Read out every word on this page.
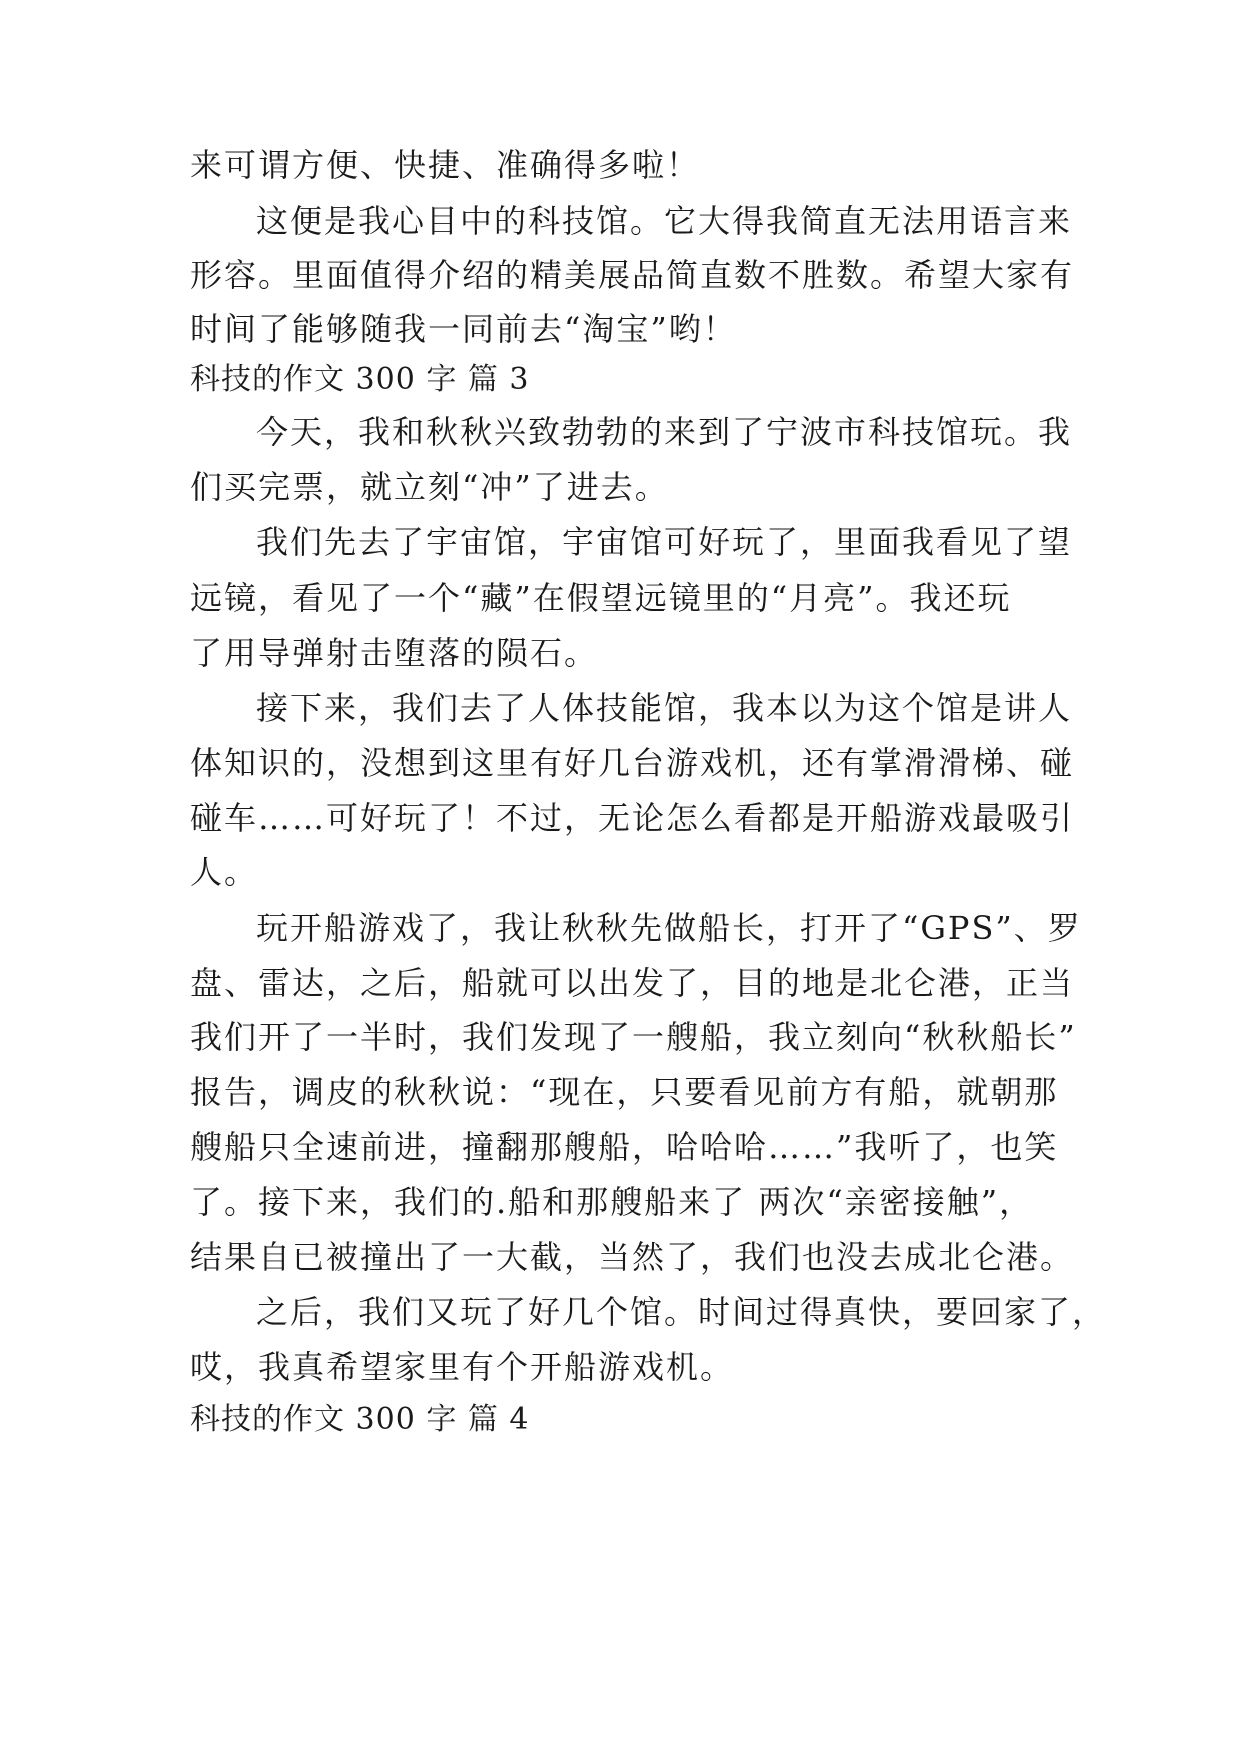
来可谓方便、快捷、准确得多啦！
这便是我心目中的科技馆。它大得我简直无法用语言来
形容。里面值得介绍的精美展品简直数不胜数。希望大家有
时间了能够随我一同前去“淘宝”哟！
科技的作文 300 字 篇 3
今天，我和秋秋兴致勃勃的来到了宁波市科技馆玩。我
们买完票，就立刻“冲”了进去。
我们先去了宇宙馆，宇宙馆可好玩了，里面我看见了望
远镜，看见了一个“藏”在假望远镜里的“月亮”。我还玩
了用导弹射击堕落的陨石。
接下来，我们去了人体技能馆，我本以为这个馆是讲人
体知识的，没想到这里有好几台游戏机，还有掌滑滑梯、碰
碰车……可好玩了！不过，无论怎么看都是开船游戏最吸引
人。
玩开船游戏了，我让秋秋先做船长，打开了“GPS”、罗
盘、雷达，之后，船就可以出发了，目的地是北仑港，正当
我们开了一半时，我们发现了一艘船，我立刻向“秋秋船长”
报告，调皮的秋秋说：“现在，只要看见前方有船，就朝那
艘船只全速前进，撞翻那艘船，哈哈哈……”我听了，也笑
了。接下来，我们的.船和那艘船来了 两次“亲密接触”，
结果自已被撞出了一大截，当然了，我们也没去成北仑港。
之后，我们又玩了好几个馆。时间过得真快，要回家了，
哎，我真希望家里有个开船游戏机。
科技的作文 300 字 篇 4
